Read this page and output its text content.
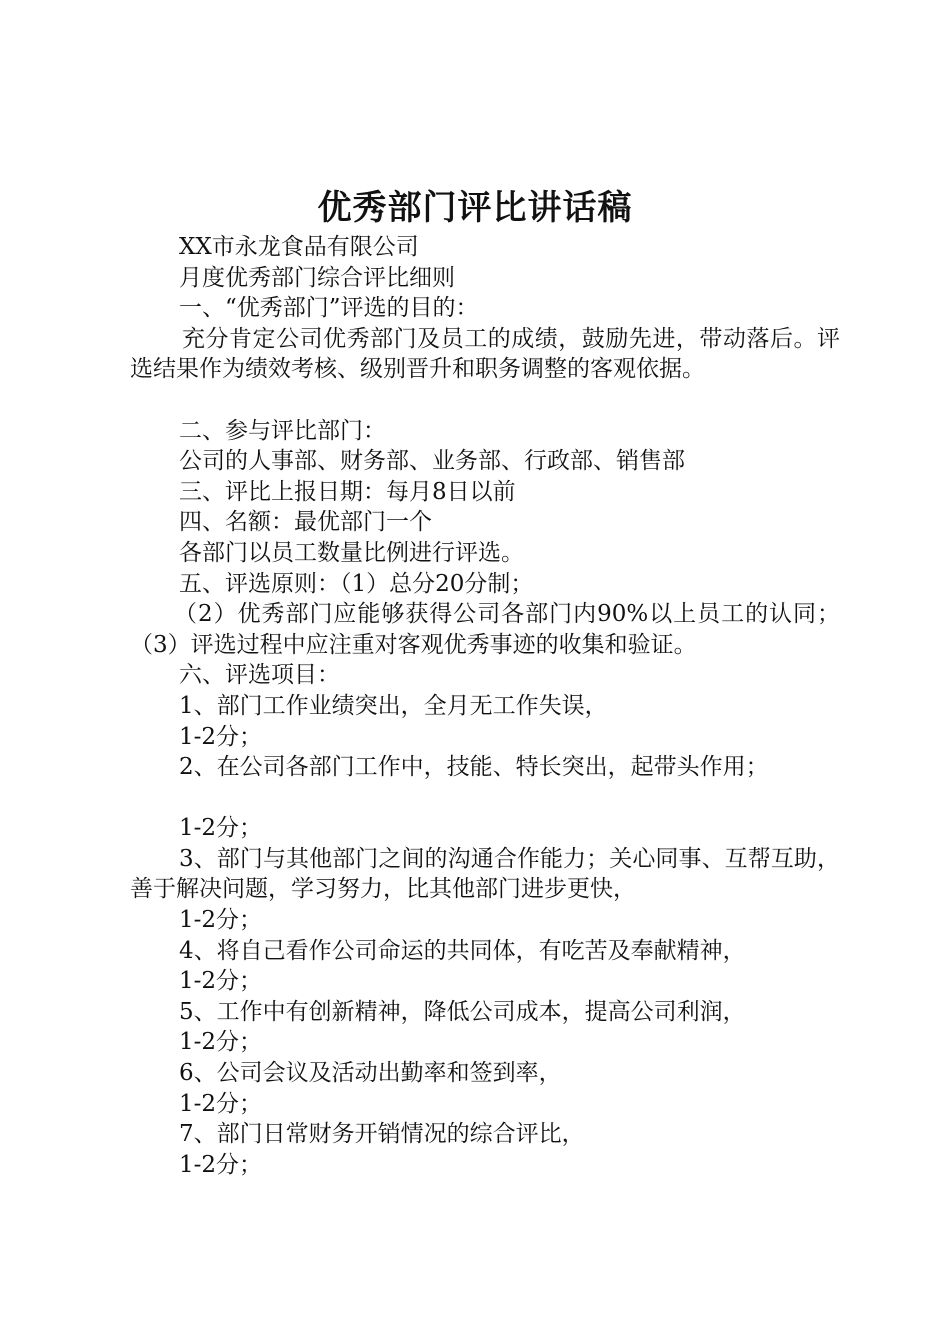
优秀部门评比讲话稿

XX市永龙食品有限公司

月度优秀部门综合评比细则

一、“优秀部门”评选的目的：

充分肯定公司优秀部门及员工的成绩，鼓励先进，带动落后。评选结果作为绩效考核、级别晋升和职务调整的客观依据。

二、参与评比部门：

公司的人事部、财务部、业务部、行政部、销售部

三、评比上报日期：每月8日以前

四、名额：最优部门一个

各部门以员工数量比例进行评选。

五、评选原则：（1）总分20分制；

（2）优秀部门应能够获得公司各部门内90%以上员工的认同；（3）评选过程中应注重对客观优秀事迹的收集和验证。

六、评选项目：

1、部门工作业绩突出，全月无工作失误，

1-2分；

2、在公司各部门工作中，技能、特长突出，起带头作用；

1-2分；

3、部门与其他部门之间的沟通合作能力；关心同事、互帮互助，善于解决问题，学习努力，比其他部门进步更快，

1-2分；

4、将自己看作公司命运的共同体，有吃苦及奉献精神，

1-2分；

5、工作中有创新精神，降低公司成本，提高公司利润，

1-2分；

6、公司会议及活动出勤率和签到率，

1-2分；

7、部门日常财务开销情况的综合评比，

1-2分；
